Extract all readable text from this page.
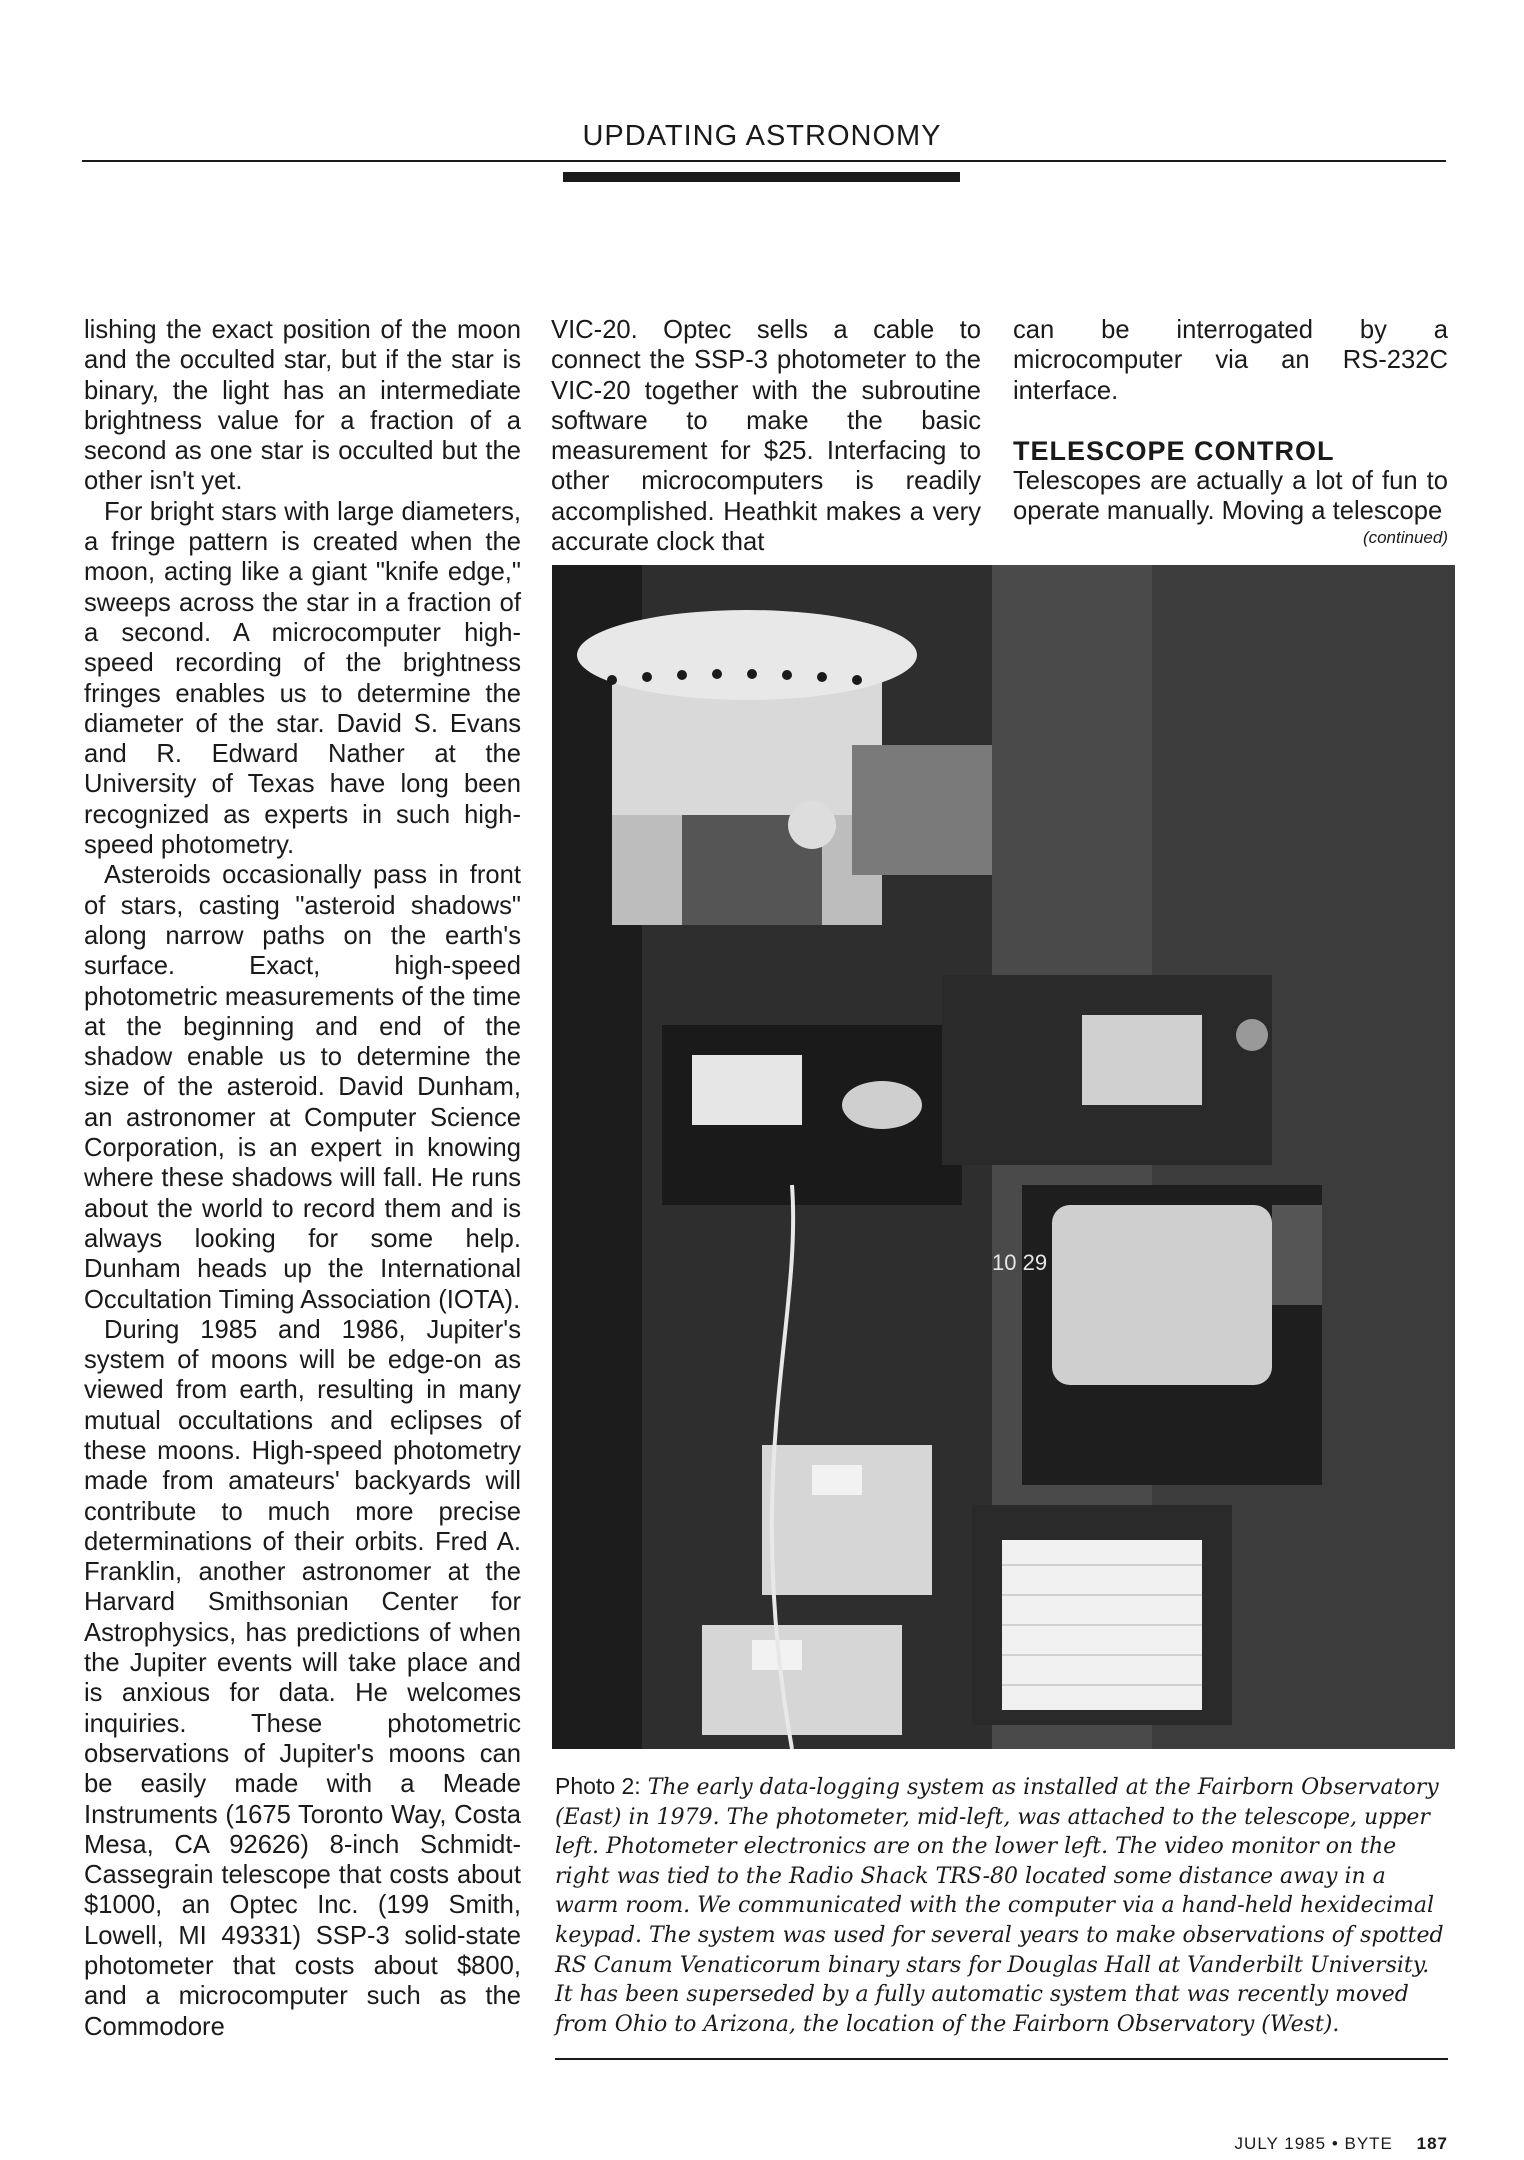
UPDATING ASTRONOMY

lishing the exact position of the moon and the occulted star, but if the star is binary, the light has an intermediate brightness value for a fraction of a second as one star is occulted but the other isn't yet.

For bright stars with large diameters, a fringe pattern is created when the moon, acting like a giant "knife edge," sweeps across the star in a fraction of a second. A microcomputer high-speed recording of the brightness fringes enables us to determine the diameter of the star. David S. Evans and R. Edward Nather at the University of Texas have long been recognized as experts in such high-speed photometry.

Asteroids occasionally pass in front of stars, casting "asteroid shadows" along narrow paths on the earth's surface. Exact, high-speed photometric measurements of the time at the beginning and end of the shadow enable us to determine the size of the asteroid. David Dunham, an astronomer at Computer Science Corporation, is an expert in knowing where these shadows will fall. He runs about the world to record them and is always looking for some help. Dunham heads up the International Occultation Timing Association (IOTA).

During 1985 and 1986, Jupiter's system of moons will be edge-on as viewed from earth, resulting in many mutual occultations and eclipses of these moons. High-speed photometry made from amateurs' backyards will contribute to much more precise determinations of their orbits. Fred A. Franklin, another astronomer at the Harvard Smithsonian Center for Astrophysics, has predictions of when the Jupiter events will take place and is anxious for data. He welcomes inquiries. These photometric observations of Jupiter's moons can be easily made with a Meade Instruments (1675 Toronto Way, Costa Mesa, CA 92626) 8-inch Schmidt-Cassegrain telescope that costs about $1000, an Optec Inc. (199 Smith, Lowell, MI 49331) SSP-3 solid-state photometer that costs about $800, and a microcomputer such as the Commodore

VIC-20. Optec sells a cable to connect the SSP-3 photometer to the VIC-20 together with the subroutine software to make the basic measurement for $25. Interfacing to other microcomputers is readily accomplished. Heathkit makes a very accurate clock that

can be interrogated by a microcomputer via an RS-232C interface.

TELESCOPE CONTROL

Telescopes are actually a lot of fun to operate manually. Moving a telescope

(continued)
10 29
Photo 2: The early data-logging system as installed at the Fairborn Observatory (East) in 1979. The photometer, mid-left, was attached to the telescope, upper left. Photometer electronics are on the lower left. The video monitor on the right was tied to the Radio Shack TRS-80 located some distance away in a warm room. We communicated with the computer via a hand-held hexidecimal keypad. The system was used for several years to make observations of spotted RS Canum Venaticorum binary stars for Douglas Hall at Vanderbilt University. It has been superseded by a fully automatic system that was recently moved from Ohio to Arizona, the location of the Fairborn Observatory (West).
JULY 1985 • BYTE 187
